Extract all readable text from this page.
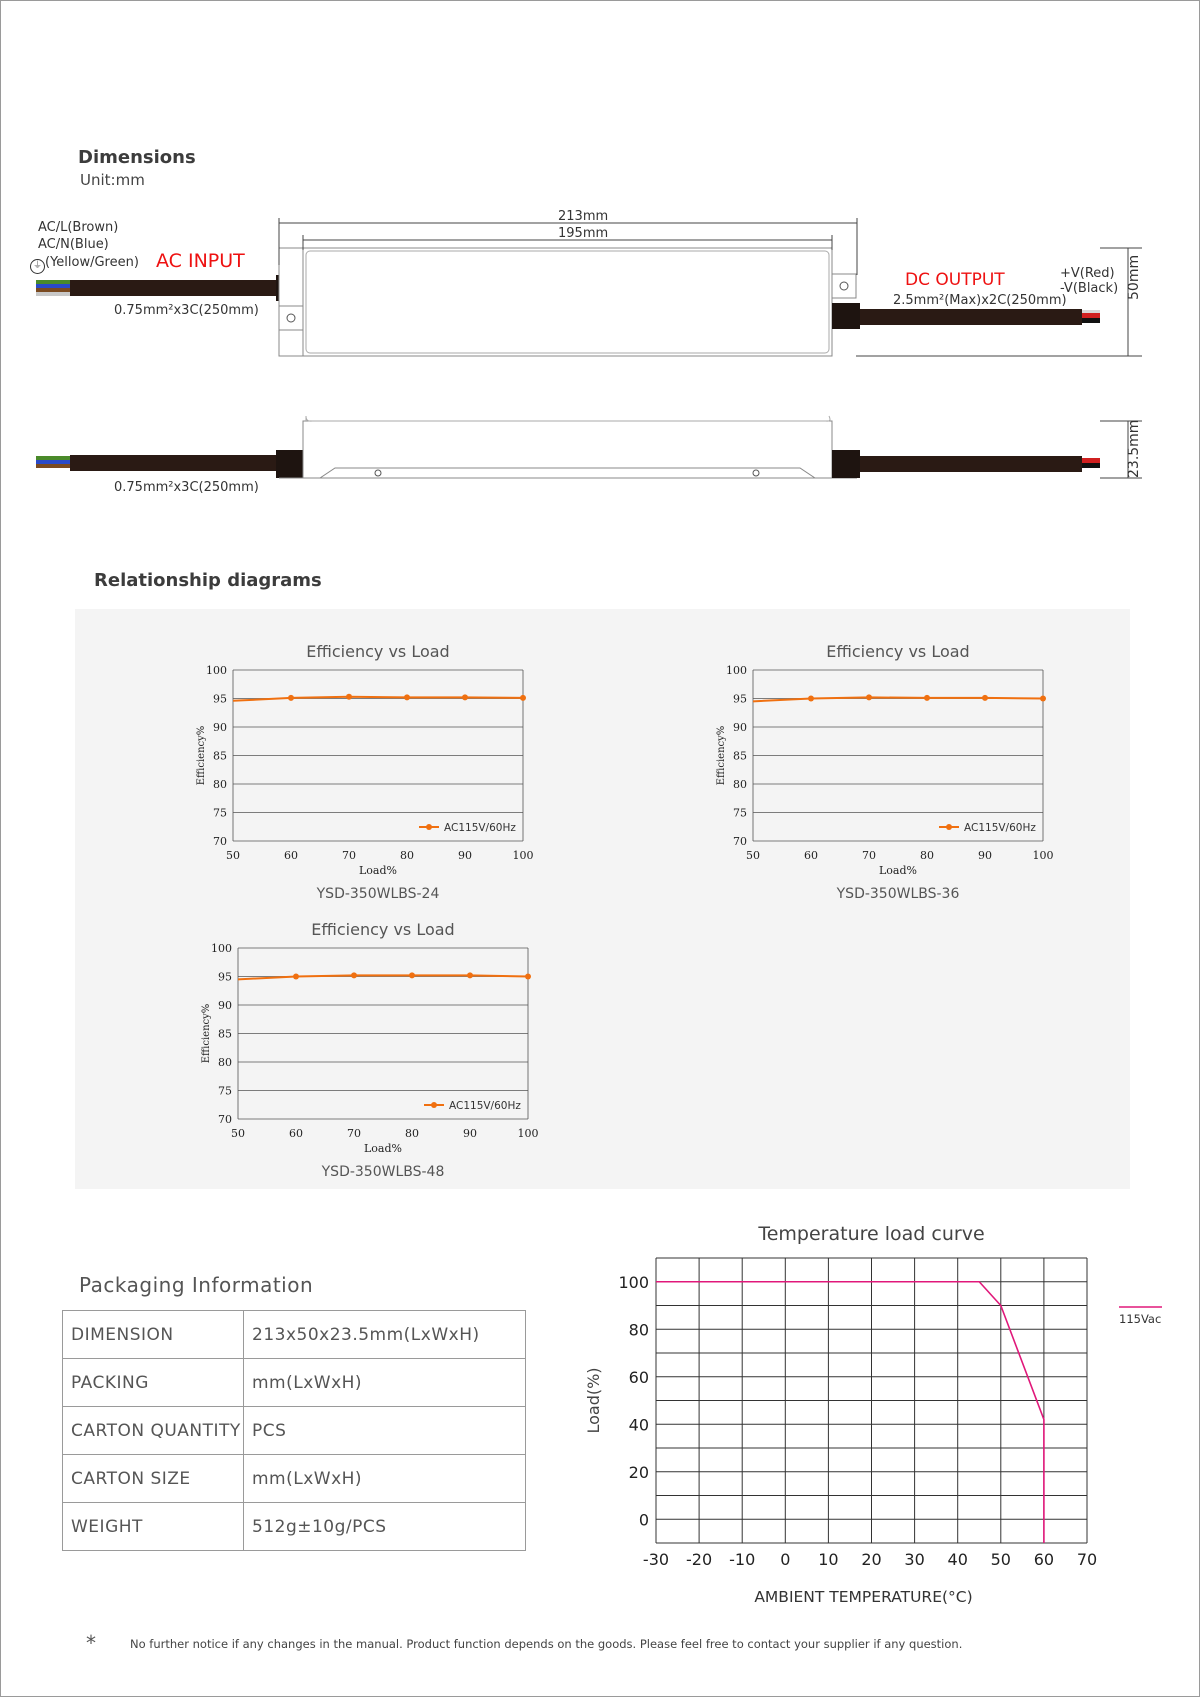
Dimensions
Unit:mm
AC/L(Brown)
AC/N(Blue)
⏚ (Yellow/Green) AC INPUT
0.75mm²x3C(250mm)
0.75mm²x3C(250mm)
213mm
195mm
DC OUTPUT
2.5mm²(Max)x2C(250mm)
+V(Red)
-V(Black) 50mm
23.5mm
Relationship diagrams
Efficiency vs Load
70
75
80
85
90
95
100
50	60	70	80	90	100
Load%
Efficiency%
AC115V/60Hz
YSD-350WLBS-24
Efficiency vs Load
70
75
80
85
90
95
100
50	60	70	80	90	100
Load%
Efficiency%
AC115V/60Hz
YSD-350WLBS-36
Efficiency vs Load
70
75
80
85
90
95
100
50	60	70	80	90	100
Load%
Efficiency%
AC115V/60Hz
YSD-350WLBS-48
Packaging Information
DIMENSION	213x50x23.5mm(LxWxH)
PACKING	mm(LxWxH)
CARTON QUANTITY	PCS
CARTON SIZE	mm(LxWxH)
WEIGHT	512g±10g/PCS
Temperature load curve
-30 -20 -10 0 10 20 30 40 50 60 70
0
20
40
60
80
100
AMBIENT TEMPERATURE(°C)
Load(%)
115Vac
*	No further notice if any changes in the manual. Product function depends on the goods. Please feel free to contact your supplier if any question.
